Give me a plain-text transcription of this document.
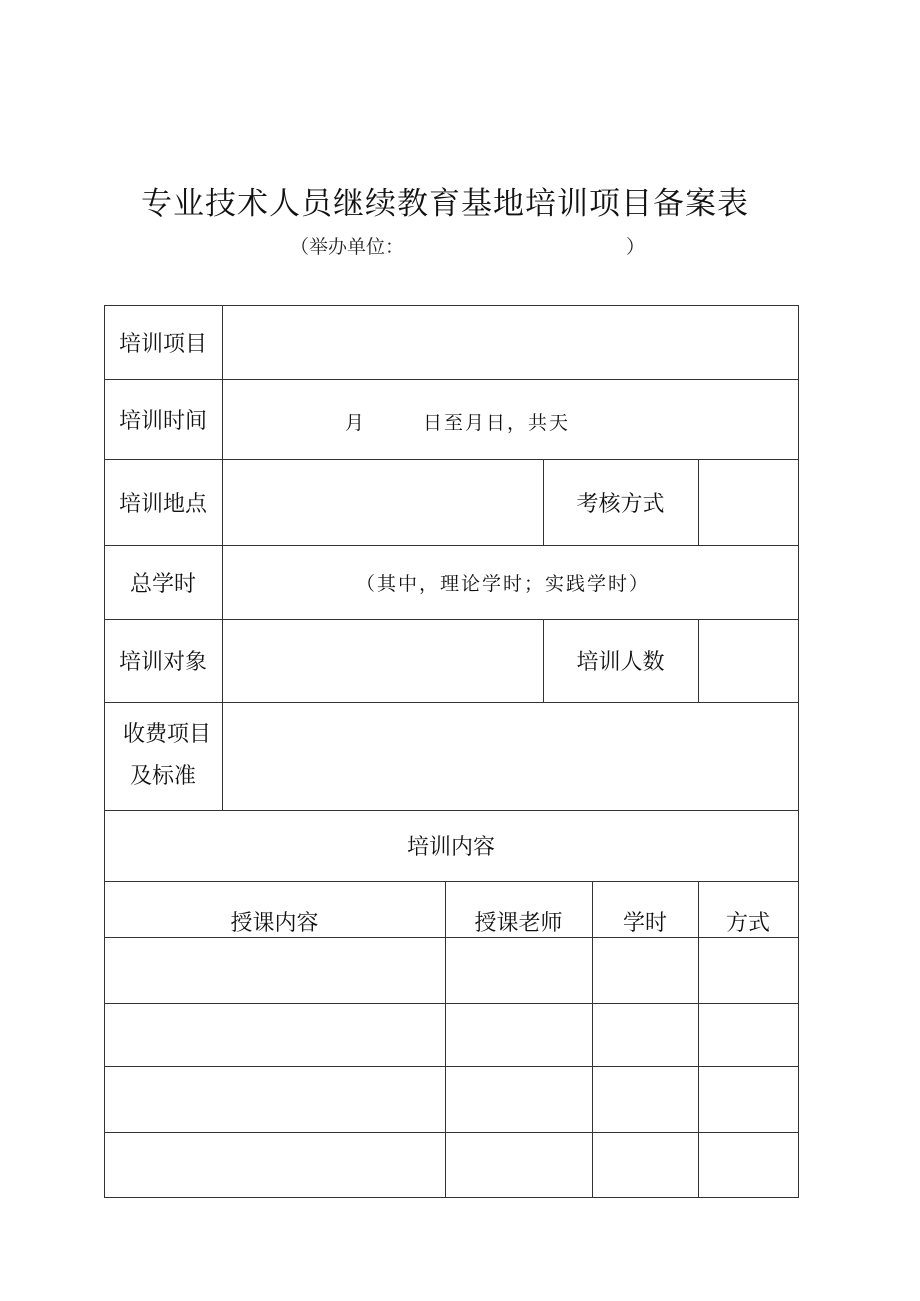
专业技术人员继续教育基地培训项目备案表
（举办单位：	）
培训项目
培训时间	月	日至月日，共天
培训地点	考核方式
总学时	（其中，理论学时；实践学时）
培训对象	培训人数
收费项目
及标准
培训内容
授课内容	授课老师	学时	方式
